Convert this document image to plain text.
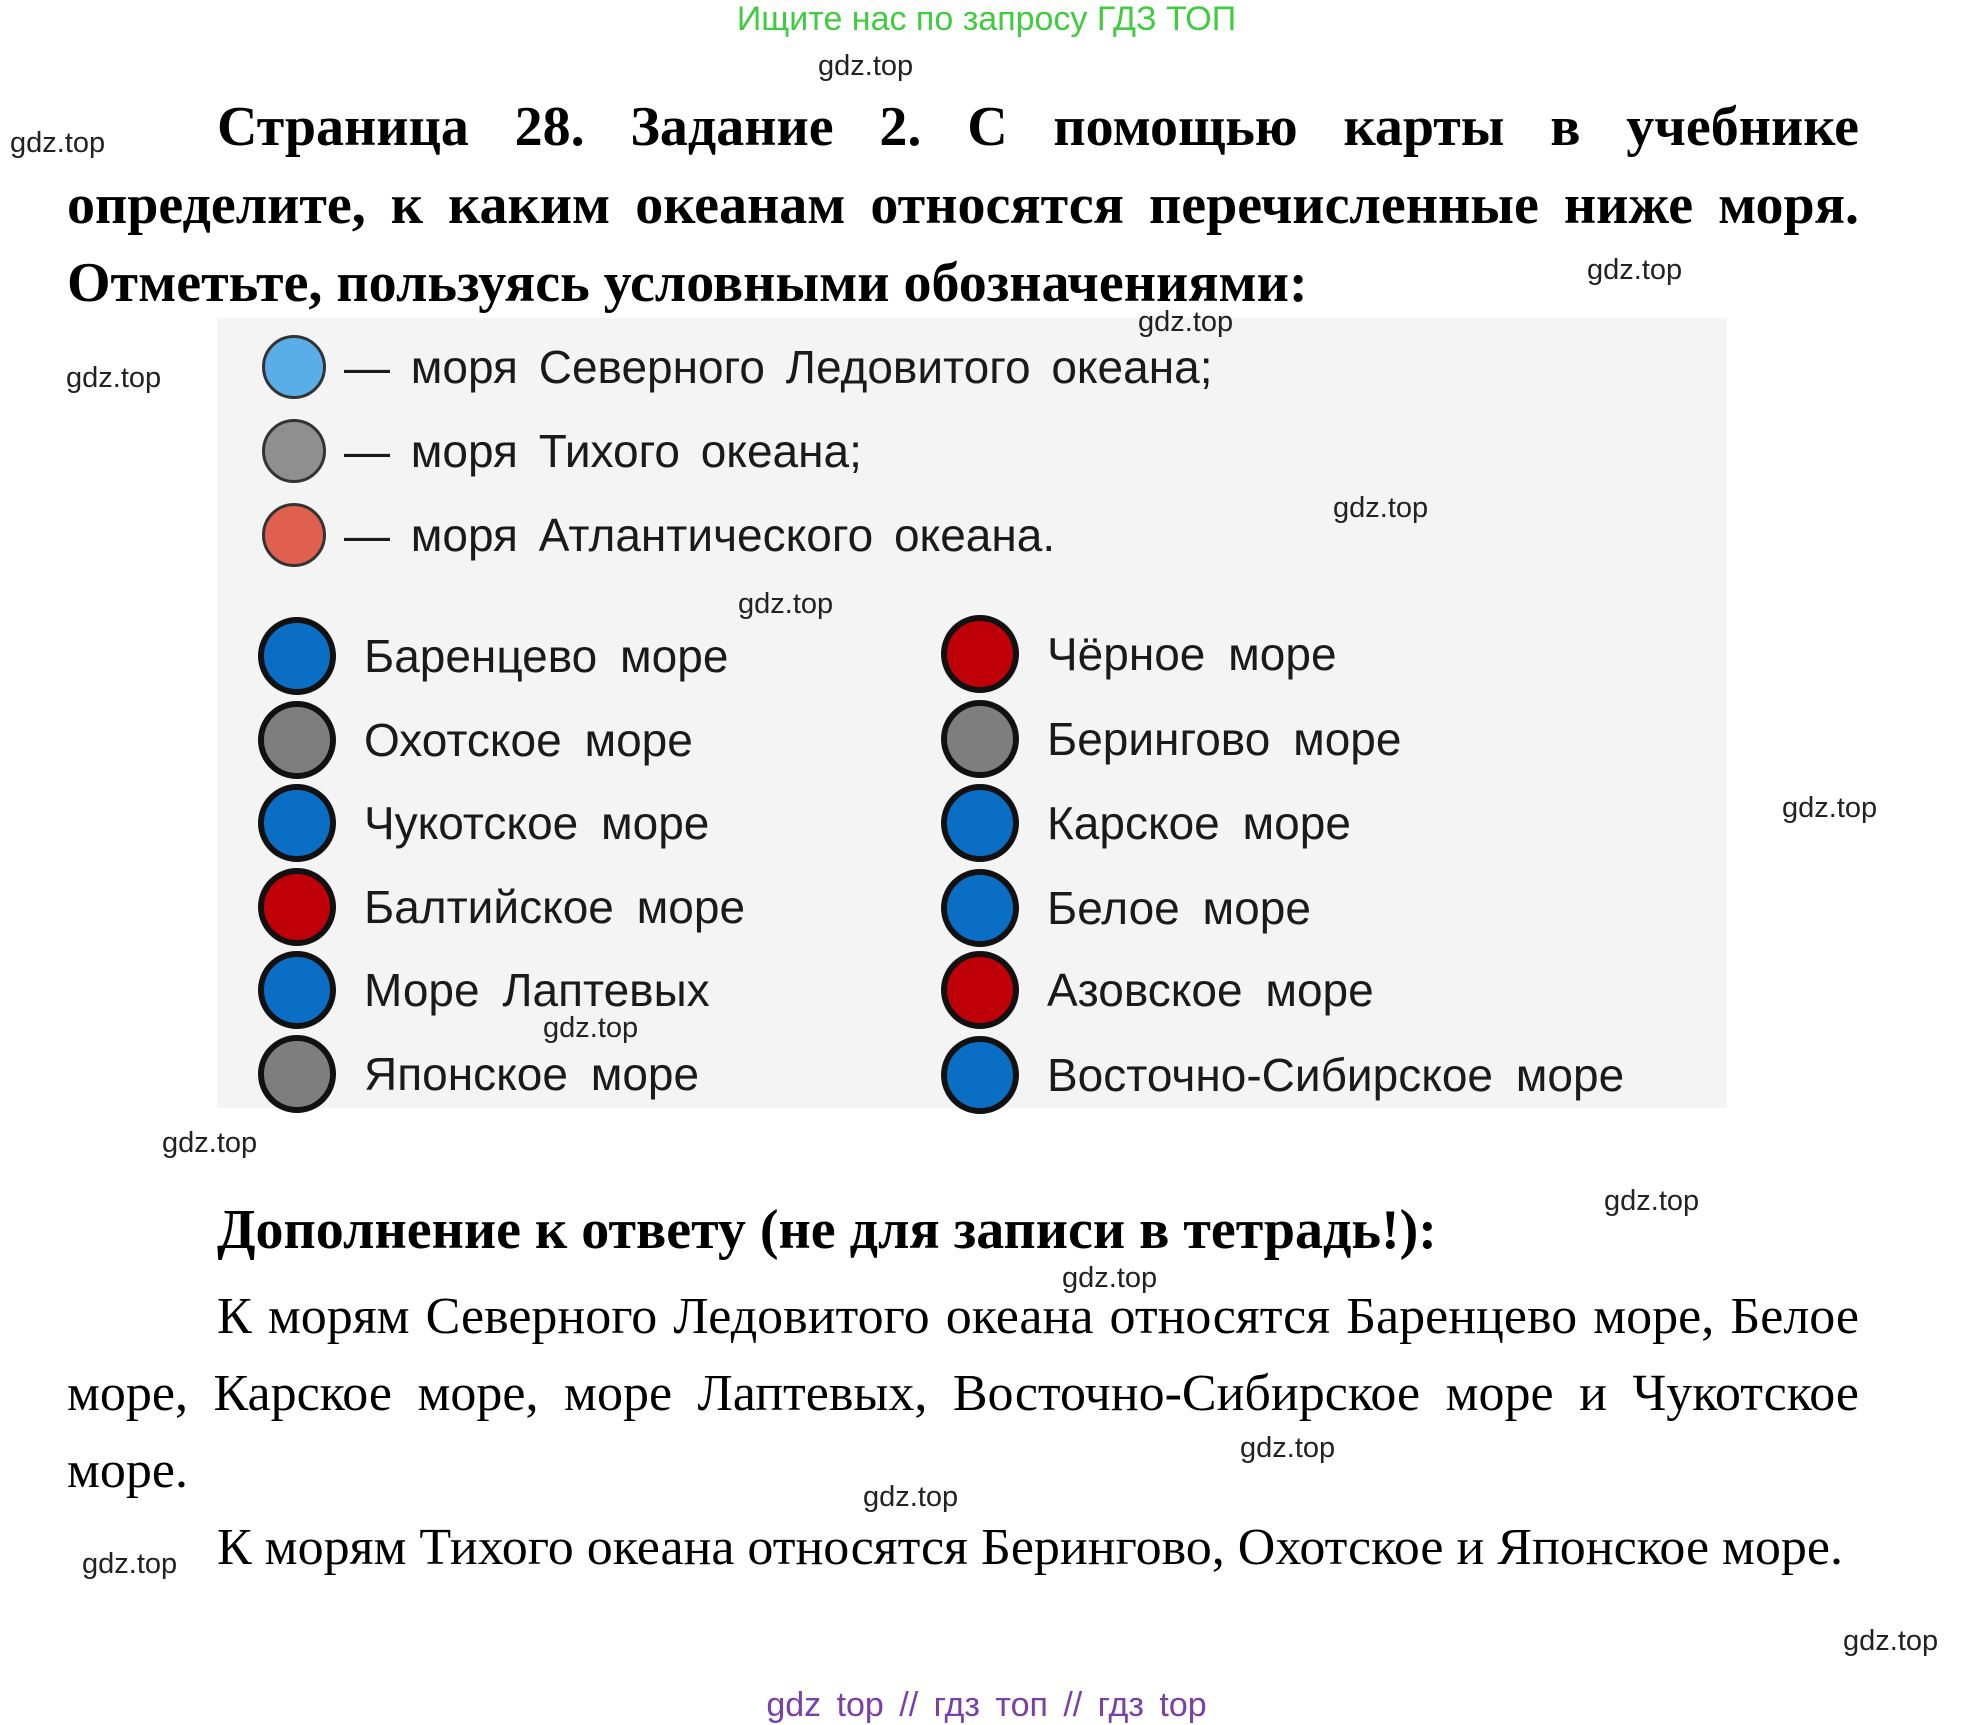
Ищите нас по запросу ГДЗ ТОП

Страница 28. Задание 2. С помощью карты в учебнике определите, к каким океанам относятся перечисленные ниже моря. Отметьте, пользуясь условными обозначениями:

— моря Северного Ледовитого океана;
— моря Тихого океана;
— моря Атлантического океана.
Баренцево море
Охотское море
Чукотское море
Балтийское море
Море Лаптевых
Японское море
Чёрное море
Берингово море
Карское море
Белое море
Азовское море
Восточно-Сибирское море
Дополнение к ответу (не для записи в тетрадь!):

К морям Северного Ледовитого океана относятся Баренцево море, Белое море, Карское море, море Лаптевых, Восточно-Сибирское море и Чукотское море.

К морям Тихого океана относятся Берингово, Охотское и Японское море.

gdz.top
gdz.top
gdz.top
gdz.top
gdz.top
gdz.top
gdz.top
gdz.top
gdz.top
gdz.top
gdz.top
gdz.top
gdz.top
gdz.top
gdz.top
gdz.top
gdz top // гдз топ // гдз top
